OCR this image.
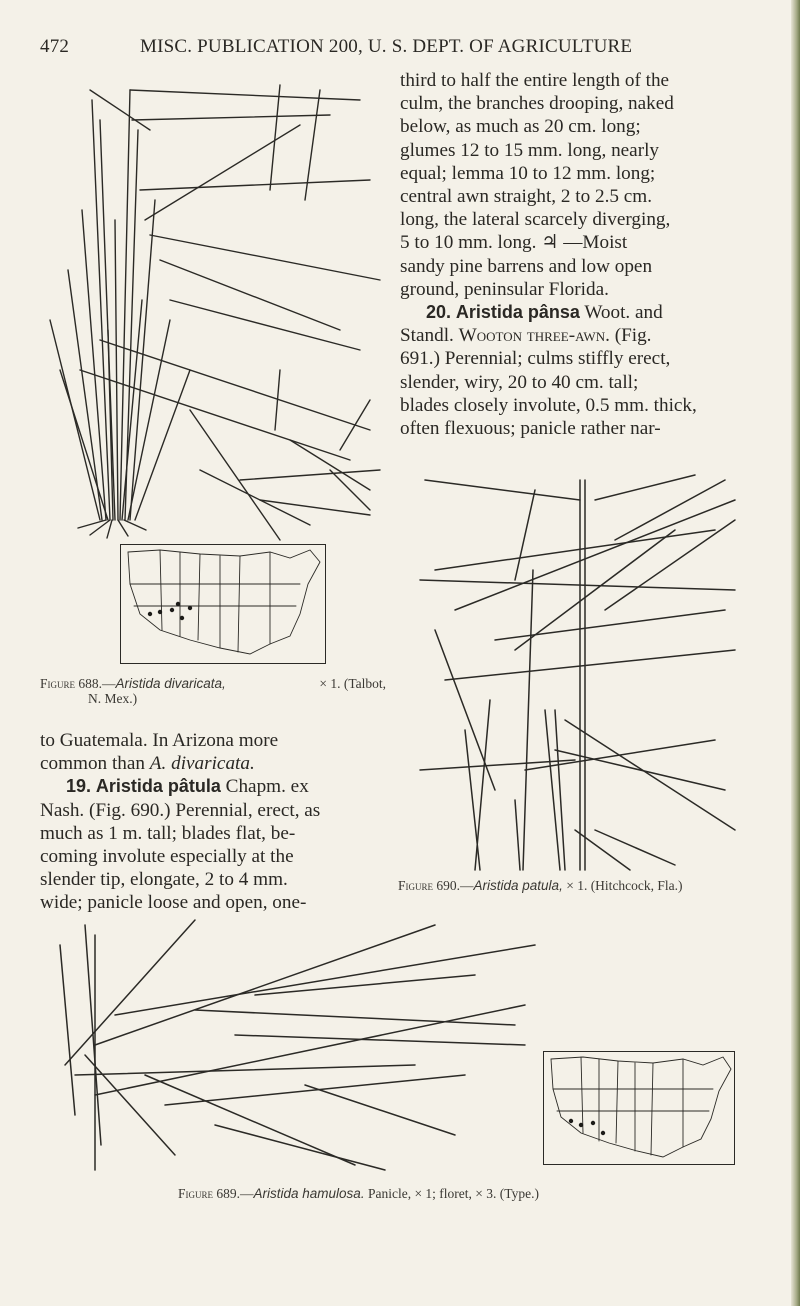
472	MISC. PUBLICATION 200, U. S. DEPT. OF AGRICULTURE

third to half the entire length of the

culm, the branches drooping, naked

below, as much as 20 cm. long;

glumes 12 to 15 mm. long, nearly

equal; lemma 10 to 12 mm. long;

central awn straight, 2 to 2.5 cm.

long, the lateral scarcely diverging,

5 to 10 mm. long. ♃ —Moist

sandy pine barrens and low open

ground, peninsular Florida.

20. Aristida pânsa Woot. and

Standl. Wooton three-awn. (Fig.

691.) Perennial; culms stiffly erect,

slender, wiry, 20 to 40 cm. tall;

blades closely involute, 0.5 mm. thick,

often flexuous; panicle rather nar-

to Guatemala. In Arizona more

common than A. divaricata.

19. Aristida pâtula Chapm. ex

Nash. (Fig. 690.) Perennial, erect, as

much as 1 m. tall; blades flat, be-

coming involute especially at the

slender tip, elongate, 2 to 4 mm.

wide; panicle loose and open, one-

Figure 688.—Aristida divaricata,	× 1. (Talbot,
N. Mex.)
Figure 690.—Aristida patula, × 1. (Hitchcock, Fla.)
Figure 689.—Aristida hamulosa. Panicle, × 1; floret, × 3. (Type.)
